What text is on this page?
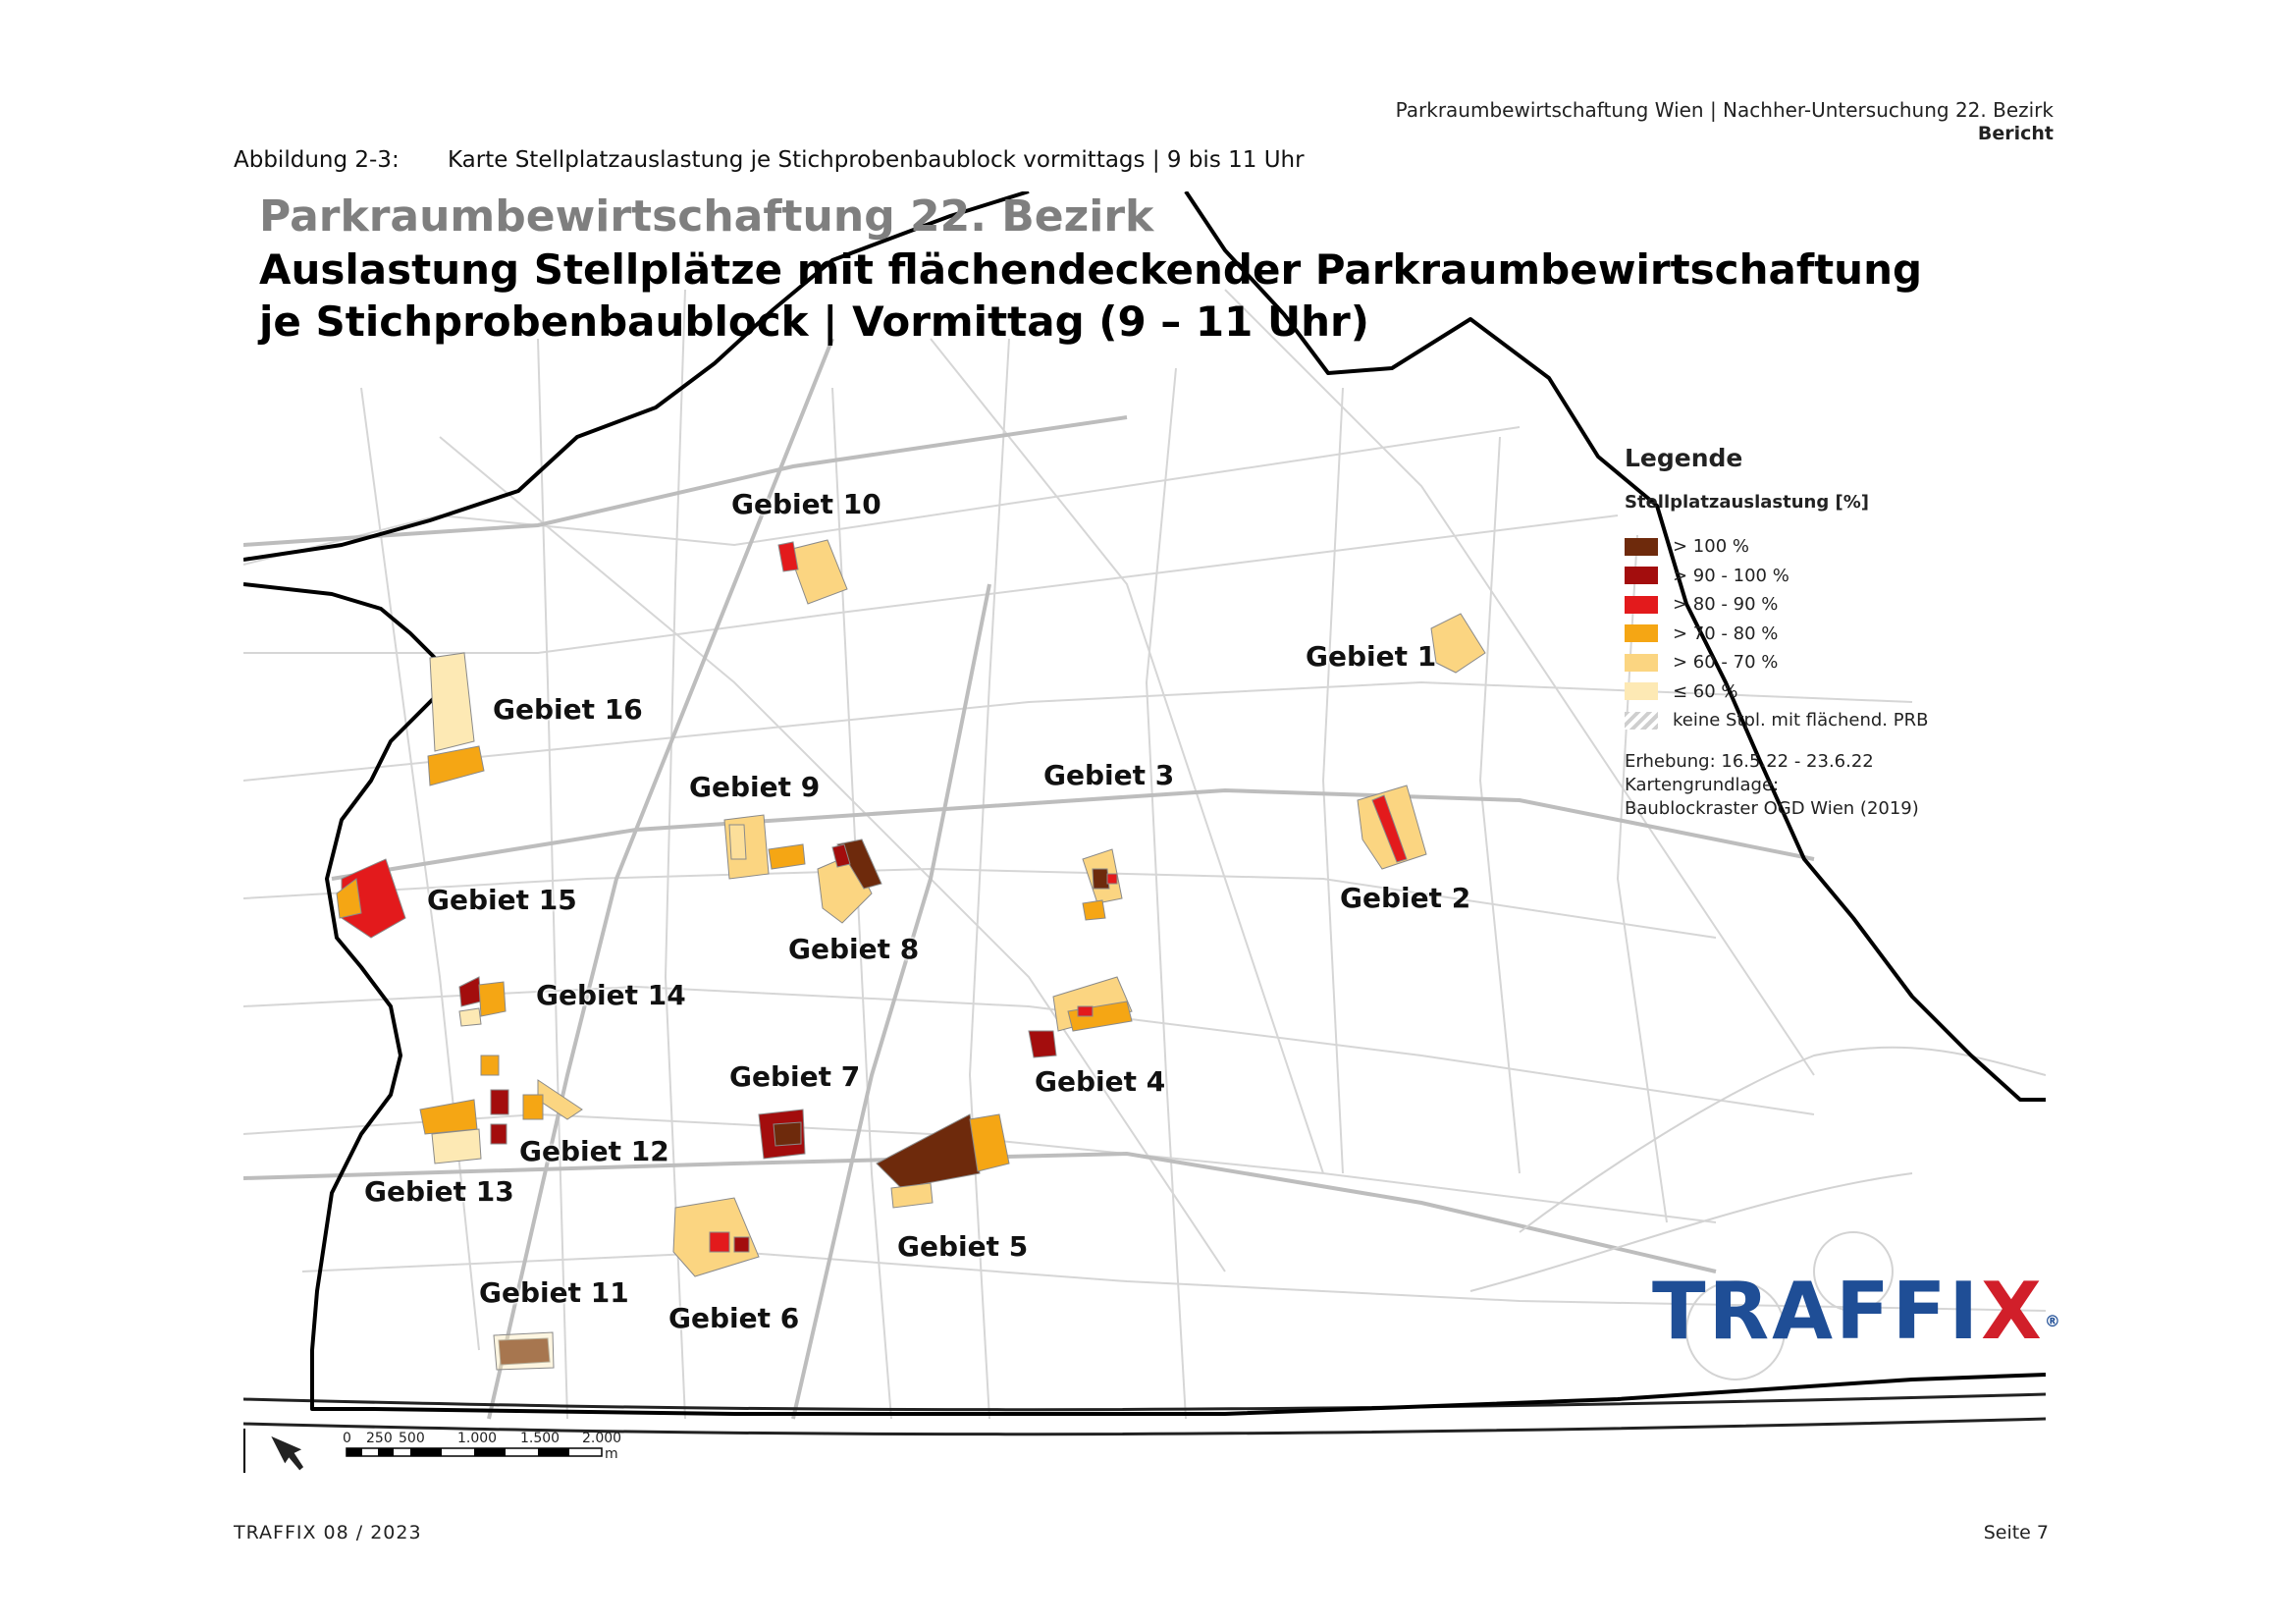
Parkraumbewirtschaftung Wien | Nachher-Untersuchung 22. Bezirk
Bericht
Abbildung 2-3: Karte Stellplatzauslastung je Stichprobenbaublock vormittags | 9 bis 11 Uhr
0 250 500 1.000 1.500 2.000
m
Parkraumbewirtschaftung 22. Bezirk
Auslastung Stellplätze mit flächendeckender Parkraumbewirtschaftung
je Stichprobenbaublock | Vormittag (9 – 11 Uhr)
Gebiet 10
Gebiet 1
Gebiet 16
Gebiet 9	Gebiet 3
Gebiet 15	Gebiet 2
Gebiet 8
Gebiet 14
Gebiet 7	Gebiet 4
Gebiet 12
Gebiet 13
Gebiet 5
Gebiet 11
Gebiet 6
Legende
Stellplatzauslastung [%]
> 100 %
> 90 - 100 %
> 80 - 90 %
> 70 - 80 %
> 60 - 70 %
≤ 60 %
keine Stpl. mit flächend. PRB
Erhebung: 16.5.22 - 23.6.22
Kartengrundlage:
Baublockraster OGD Wien (2019)
TRAFFIX®
TRAFFIX 08 / 2023	Seite 7
